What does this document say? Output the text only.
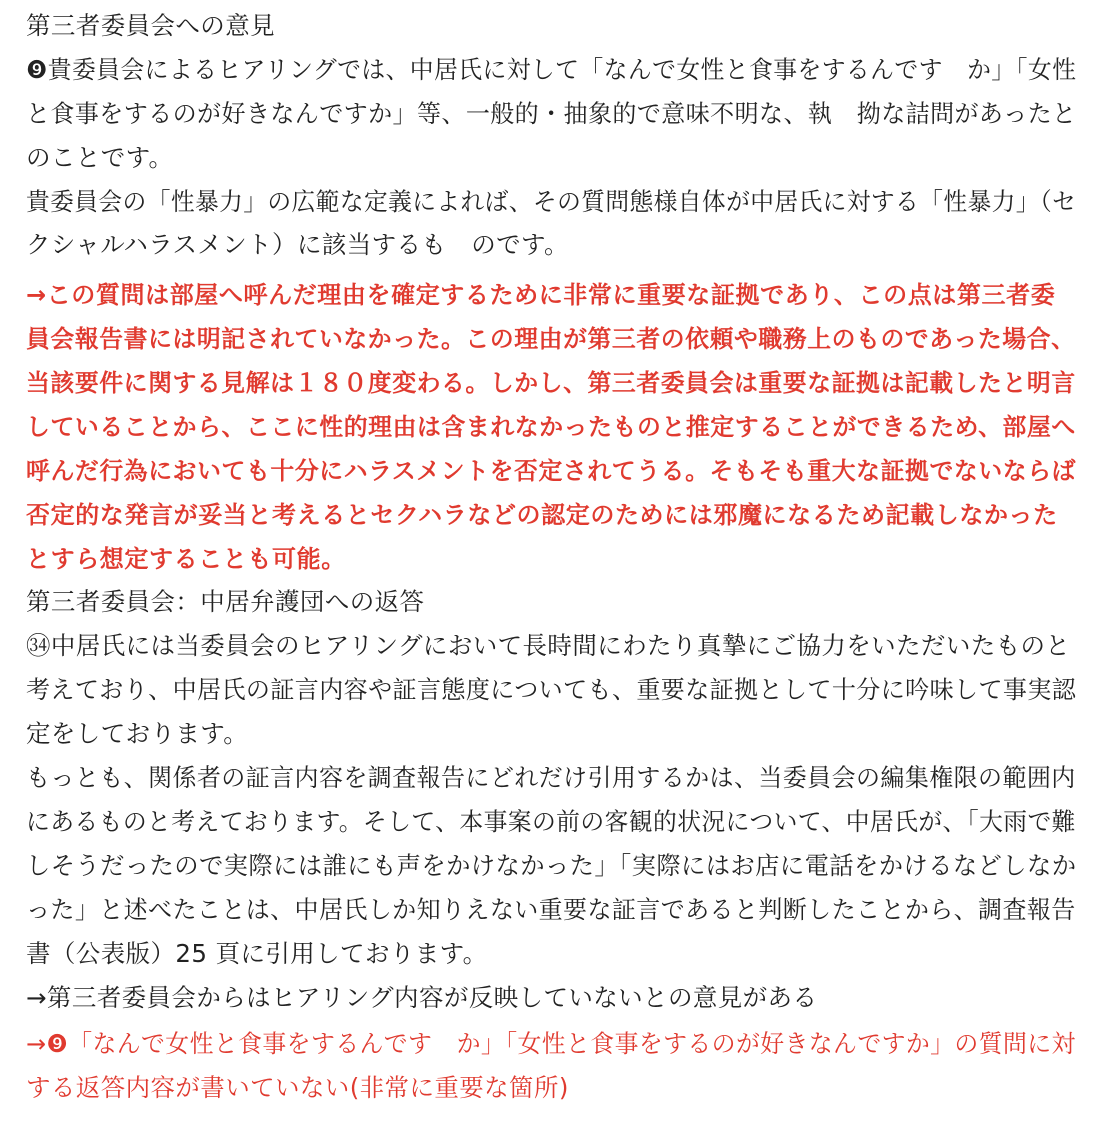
第三者委員会への意見
❾貴委員会によるヒアリングでは、中居氏に対して「なんで女性と食事をするんです　か」「女性
と食事をするのが好きなんですか」等、一般的・抽象的で意味不明な、執　拗な詰問があったと
のことです。
貴委員会の「性暴力」の広範な定義によれば、その質問態様自体が中居氏に対する「性暴力」（セ
クシャルハラスメント）に該当するも　のです。
→この質問は部屋へ呼んだ理由を確定するために非常に重要な証拠であり、この点は第三者委
員会報告書には明記されていなかった。この理由が第三者の依頼や職務上のものであった場合、
当該要件に関する見解は１８０度変わる。しかし、第三者委員会は重要な証拠は記載したと明言
していることから、ここに性的理由は含まれなかったものと推定することができるため、部屋へ
呼んだ行為においても十分にハラスメントを否定されてうる。そもそも重大な証拠でないならば
否定的な発言が妥当と考えるとセクハラなどの認定のためには邪魔になるため記載しなかった
とすら想定することも可能。
第三者委員会：中居弁護団への返答
㉞中居氏には当委員会のヒアリングにおいて長時間にわたり真摯にご協力をいただいたものと
考えており、中居氏の証言内容や証言態度についても、重要な証拠として十分に吟味して事実認
定をしております。
もっとも、関係者の証言内容を調査報告にどれだけ引用するかは、当委員会の編集権限の範囲内
にあるものと考えております。そして、本事案の前の客観的状況について、中居氏が、「大雨で難
しそうだったので実際には誰にも声をかけなかった」「実際にはお店に電話をかけるなどしなか
った」と述べたことは、中居氏しか知りえない重要な証言であると判断したことから、調査報告
書（公表版）25 頁に引用しております。
→第三者委員会からはヒアリング内容が反映していないとの意見がある
→❾「なんで女性と食事をするんです　か」「女性と食事をするのが好きなんですか」の質問に対
する返答内容が書いていない(非常に重要な箇所)
